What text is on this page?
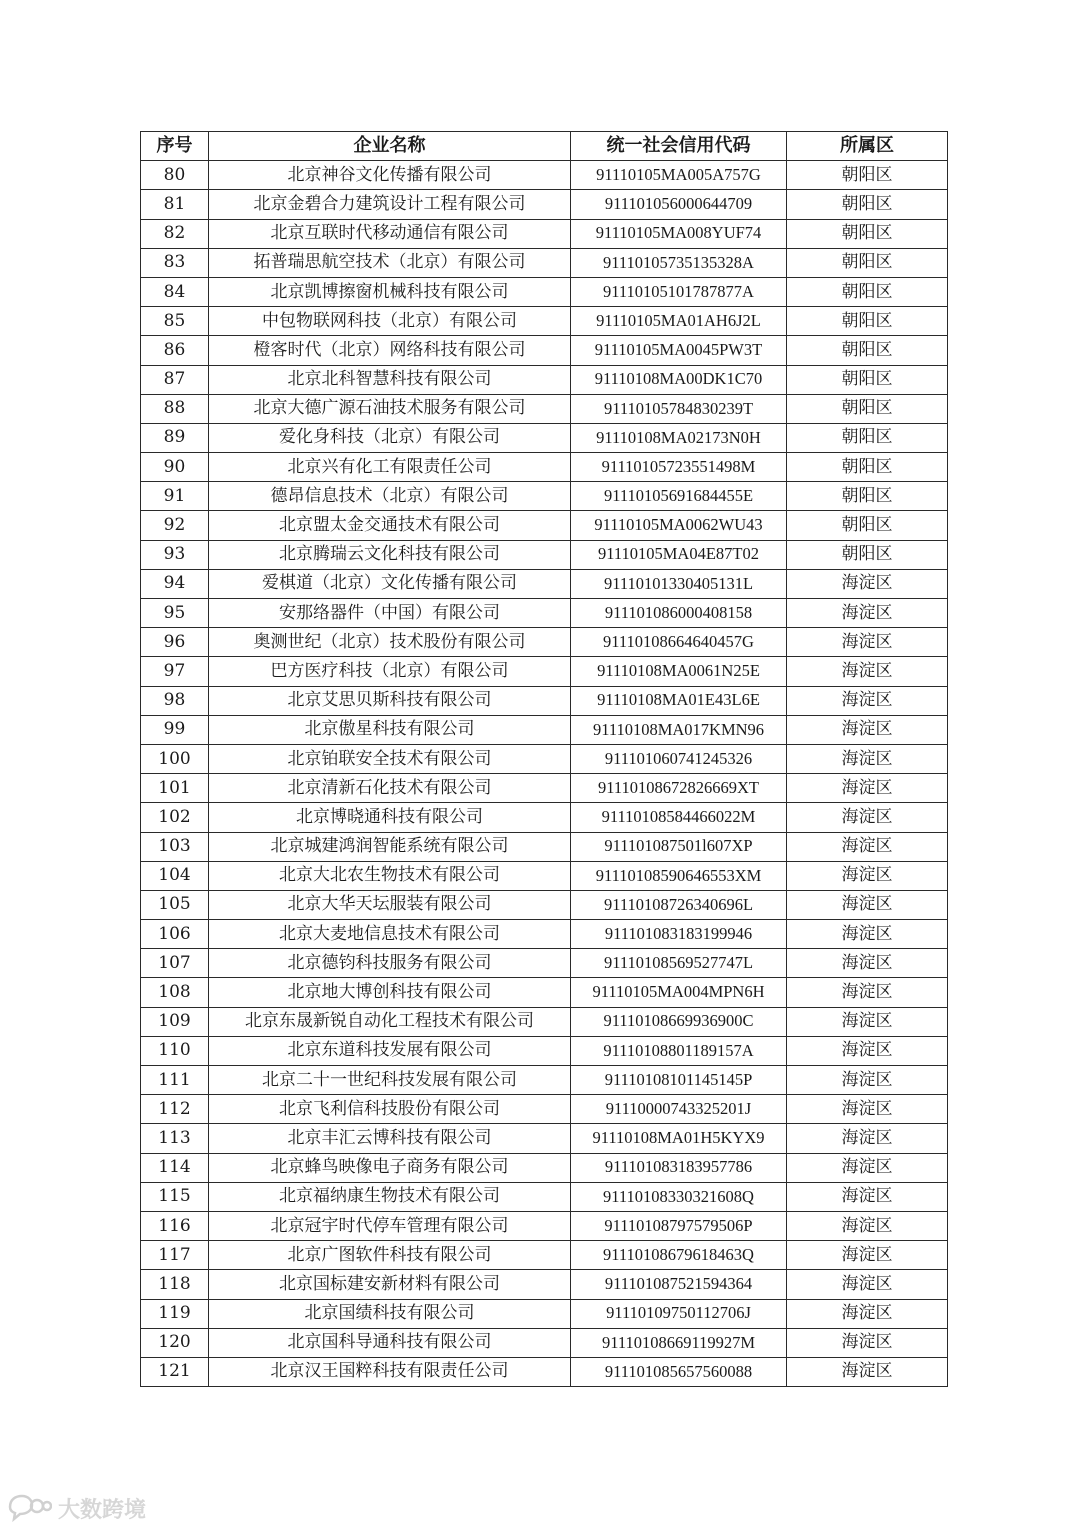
序号	企业名称	统一社会信用代码	所属区
80	北京神谷文化传播有限公司	91110105MA005A757G	朝阳区
81	北京金碧合力建筑设计工程有限公司	911101056000644709	朝阳区
82	北京互联时代移动通信有限公司	91110105MA008YUF74	朝阳区
83	拓普瑞思航空技术（北京）有限公司	91110105735135328A	朝阳区
84	北京凯博擦窗机械科技有限公司	91110105101787877A	朝阳区
85	中包物联网科技（北京）有限公司	91110105MA01AH6J2L	朝阳区
86	橙客时代（北京）网络科技有限公司	91110105MA0045PW3T	朝阳区
87	北京北科智慧科技有限公司	91110108MA00DK1C70	朝阳区
88	北京大德广源石油技术服务有限公司	91110105784830239T	朝阳区
89	爱化身科技（北京）有限公司	91110108MA02173N0H	朝阳区
90	北京兴有化工有限责任公司	91110105723551498M	朝阳区
91	德昂信息技术（北京）有限公司	91110105691684455E	朝阳区
92	北京盟太金交通技术有限公司	91110105MA0062WU43	朝阳区
93	北京腾瑞云文化科技有限公司	91110105MA04E87T02	朝阳区
94	爱棋道（北京）文化传播有限公司	91110101330405131L	海淀区
95	安那络器件（中国）有限公司	911101086000408158	海淀区
96	奥测世纪（北京）技术股份有限公司	91110108664640457G	海淀区
97	巴方医疗科技（北京）有限公司	91110108MA0061N25E	海淀区
98	北京艾思贝斯科技有限公司	91110108MA01E43L6E	海淀区
99	北京傲星科技有限公司	91110108MA017KMN96	海淀区
100	北京铂联安全技术有限公司	911101060741245326	海淀区
101	北京清新石化技术有限公司	91110108672826669XT	海淀区
102	北京博晓通科技有限公司	91110108584466022M	海淀区
103	北京城建鸿润智能系统有限公司	911101087501l607XP	海淀区
104	北京大北农生物技术有限公司	91110108590646553XM	海淀区
105	北京大华天坛服装有限公司	91110108726340696L	海淀区
106	北京大麦地信息技术有限公司	911101083183199946	海淀区
107	北京德钧科技服务有限公司	91110108569527747L	海淀区
108	北京地大博创科技有限公司	91110105MA004MPN6H	海淀区
109	北京东晟新锐自动化工程技术有限公司	91110108669936900C	海淀区
110	北京东道科技发展有限公司	91110108801189157A	海淀区
111	北京二十一世纪科技发展有限公司	91110108101145145P	海淀区
112	北京飞利信科技股份有限公司	91110000743325201J	海淀区
113	北京丰汇云博科技有限公司	91110108MA01H5KYX9	海淀区
114	北京蜂鸟映像电子商务有限公司	911101083183957786	海淀区
115	北京福纳康生物技术有限公司	91110108330321608Q	海淀区
116	北京冠宇时代停车管理有限公司	91110108797579506P	海淀区
117	北京广图软件科技有限公司	91110108679618463Q	海淀区
118	北京国标建安新材料有限公司	911101087521594364	海淀区
119	北京国绩科技有限公司	91110109750112706J	海淀区
120	北京国科导通科技有限公司	91110108669119927M	海淀区
121	北京汉王国粹科技有限责任公司	911101085657560088	海淀区
大数跨境
